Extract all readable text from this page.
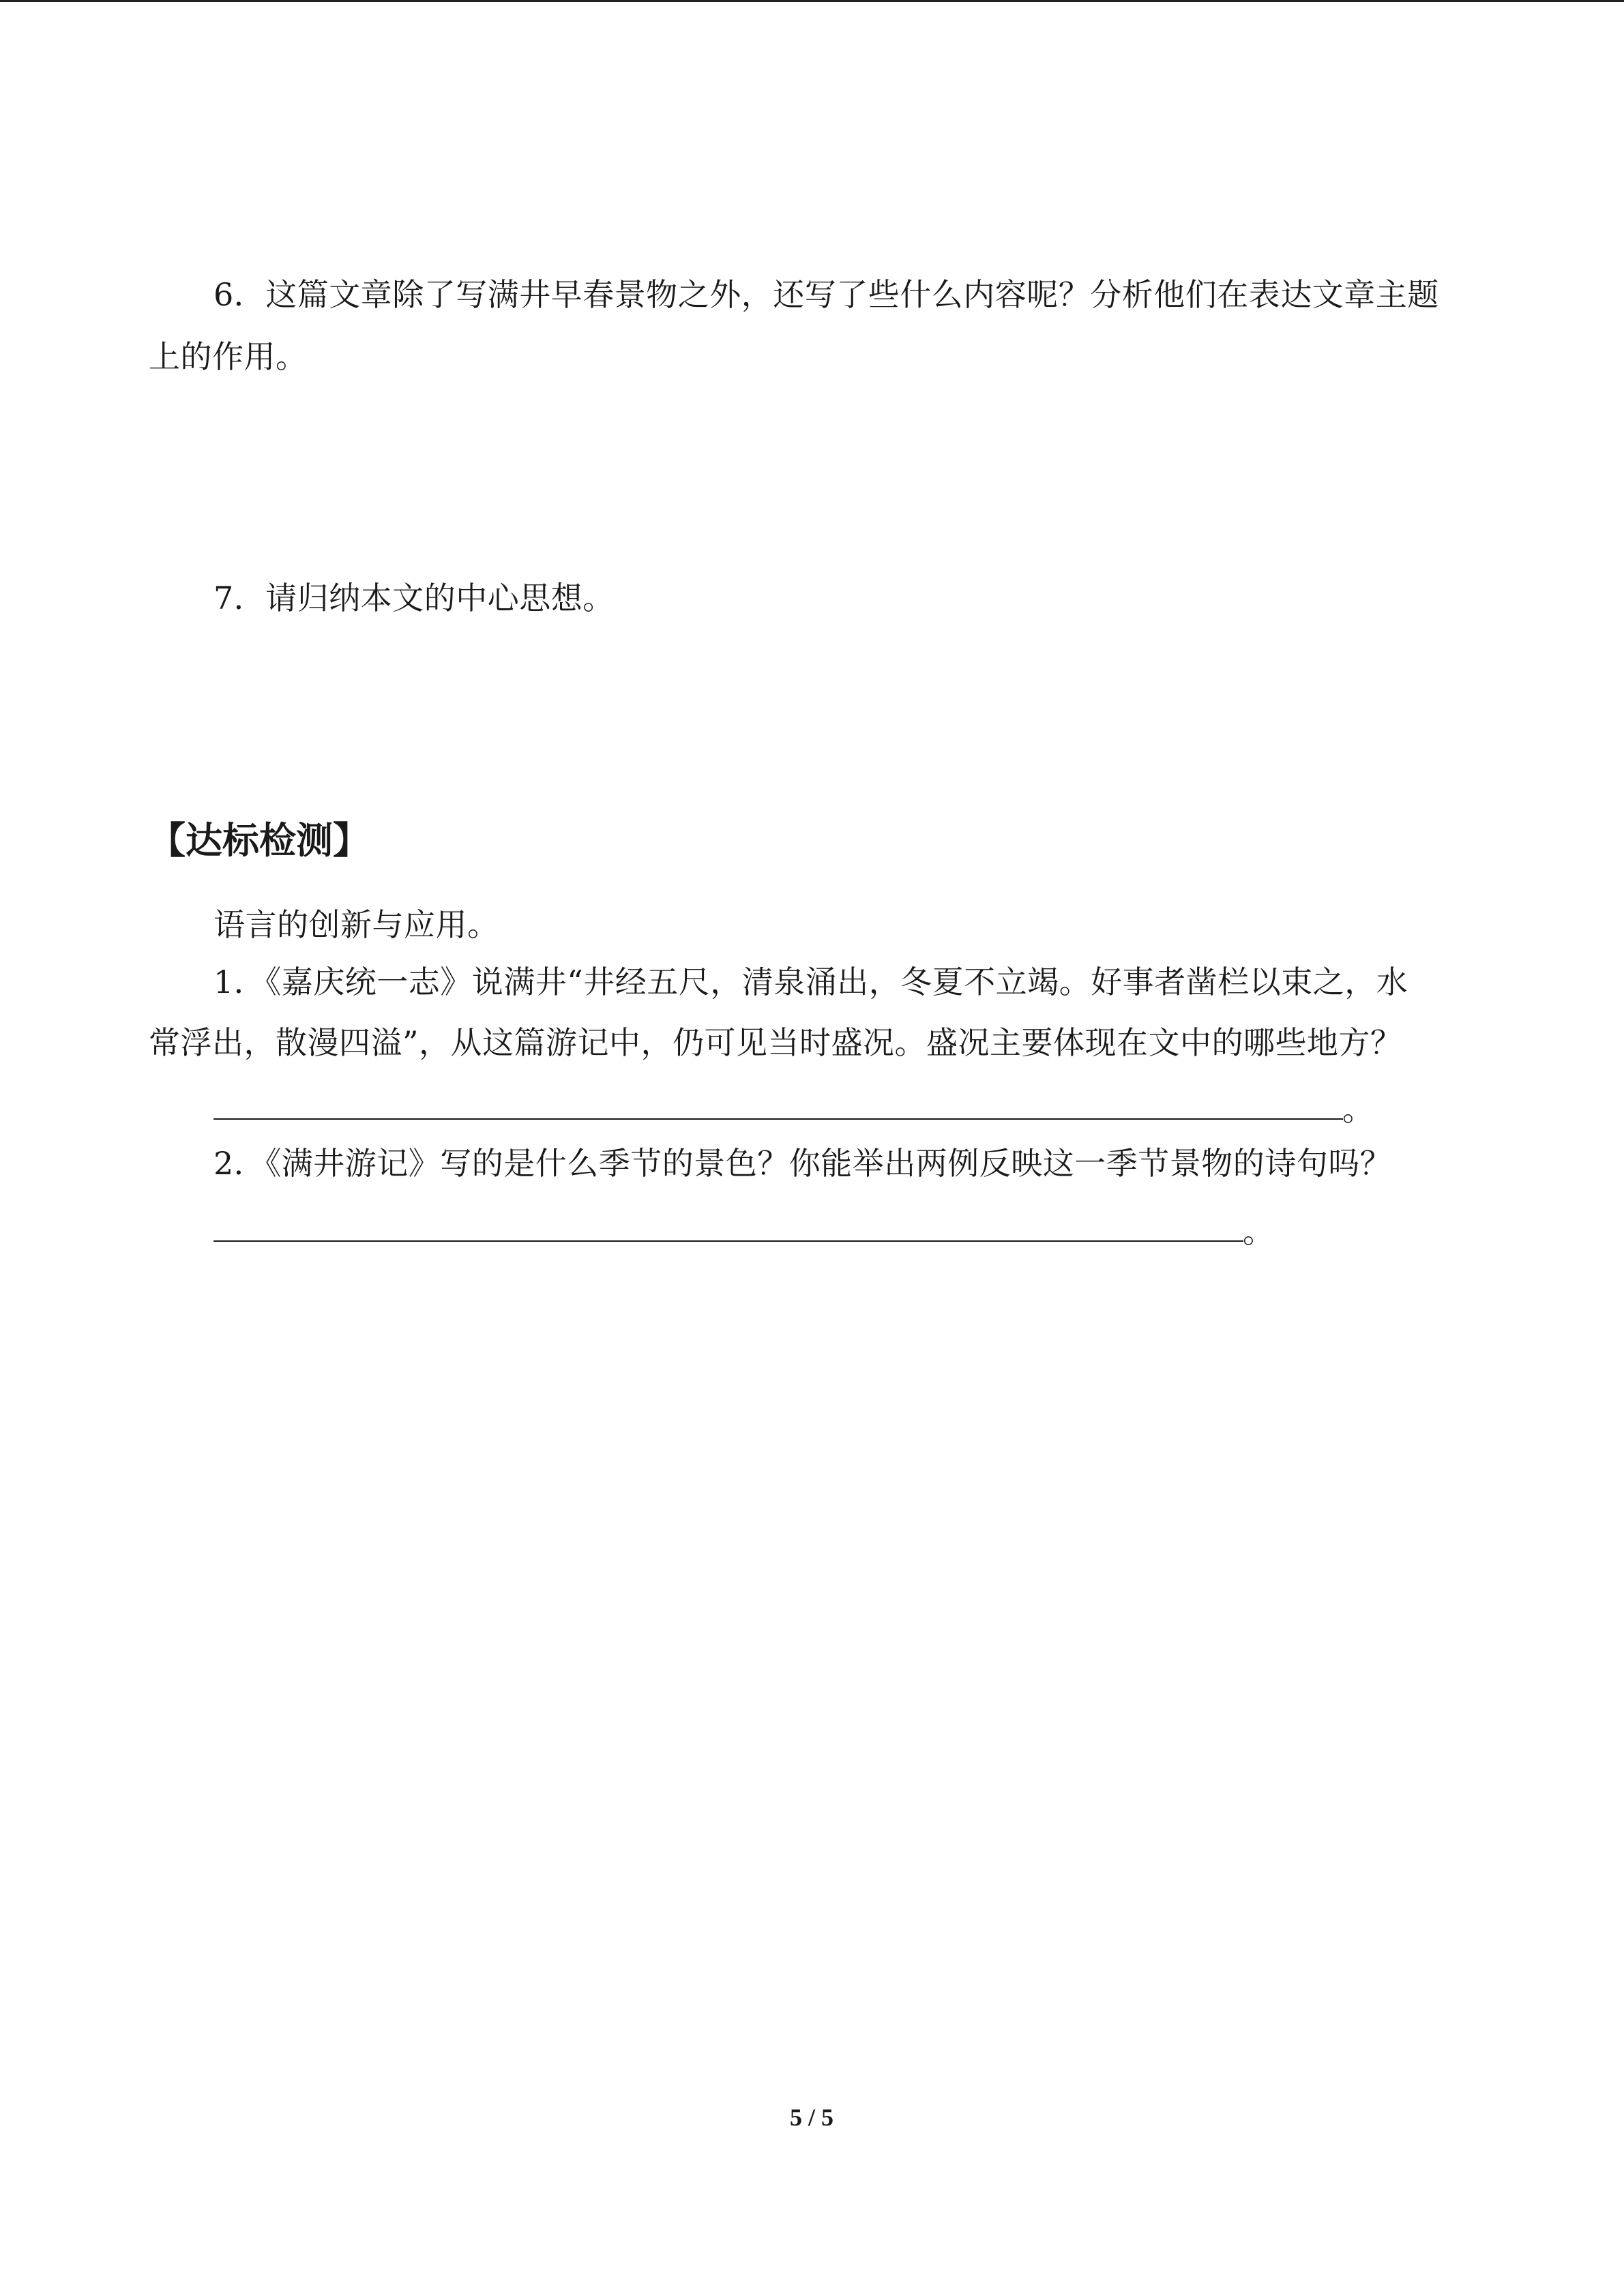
6．这篇文章除了写满井早春景物之外，还写了些什么内容呢？分析他们在表达文章主题
上的作用。
7．请归纳本文的中心思想。
【达标检测】
语言的创新与应用。
1．《嘉庆统一志》说满井“井经五尺，清泉涌出，冬夏不立竭。好事者凿栏以束之，水
常浮出，散漫四溢”，从这篇游记中，仍可见当时盛况。盛况主要体现在文中的哪些地方？
。
2．《满井游记》写的是什么季节的景色？你能举出两例反映这一季节景物的诗句吗？
。
5 / 5
